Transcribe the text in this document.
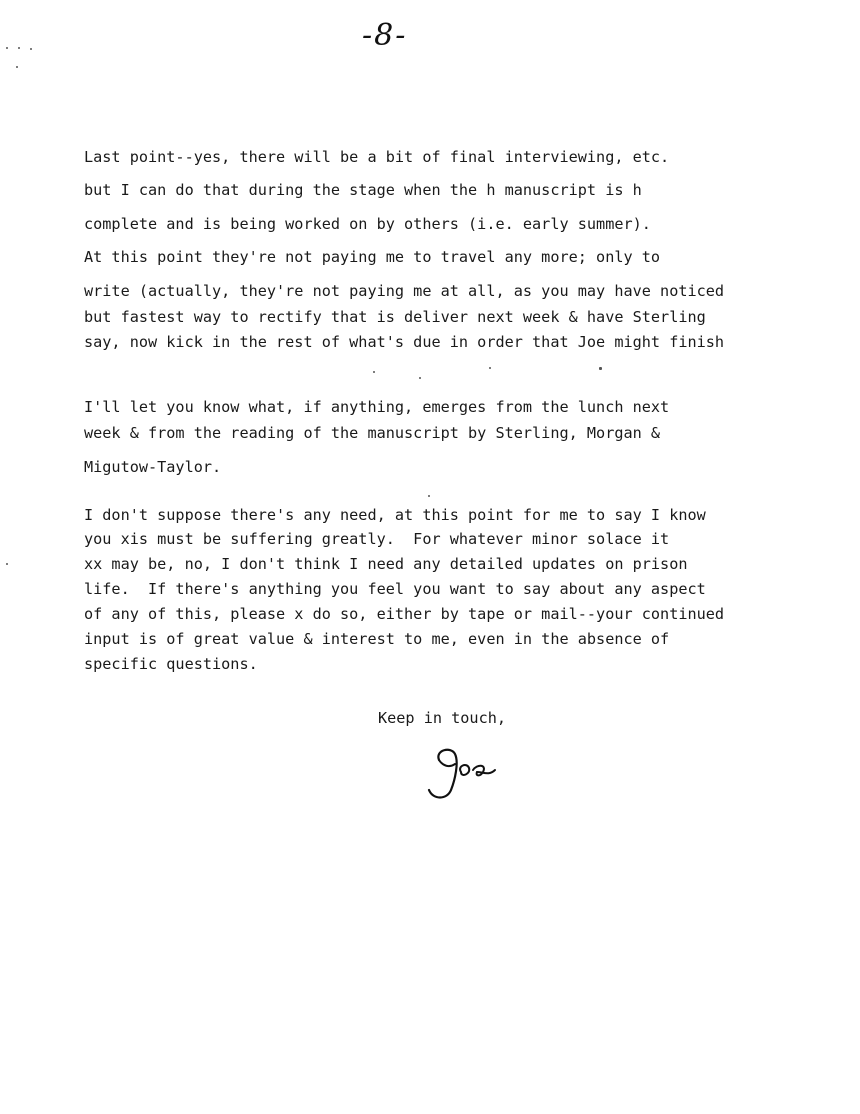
-8-
Last point--yes, there will be a bit of final interviewing, etc.
but I can do that during the stage when the h manuscript is h
complete and is being worked on by others (i.e. early summer).
At this point they're not paying me to travel any more; only to
write (actually, they're not paying me at all, as you may have noticed
but fastest way to rectify that is deliver next week & have Sterling
say, now kick in the rest of what's due in order that Joe might finish
I'll let you know what, if anything, emerges from the lunch next
week & from the reading of the manuscript by Sterling, Morgan &
Migutow-Taylor.
I don't suppose there's any need, at this point for me to say I know
you xis must be suffering greatly.  For whatever minor solace it
xx may be, no, I don't think I need any detailed updates on prison
life.  If there's anything you feel you want to say about any aspect
of any of this, please x do so, either by tape or mail--your continued
input is of great value & interest to me, even in the absence of
specific questions.
Keep in touch,
